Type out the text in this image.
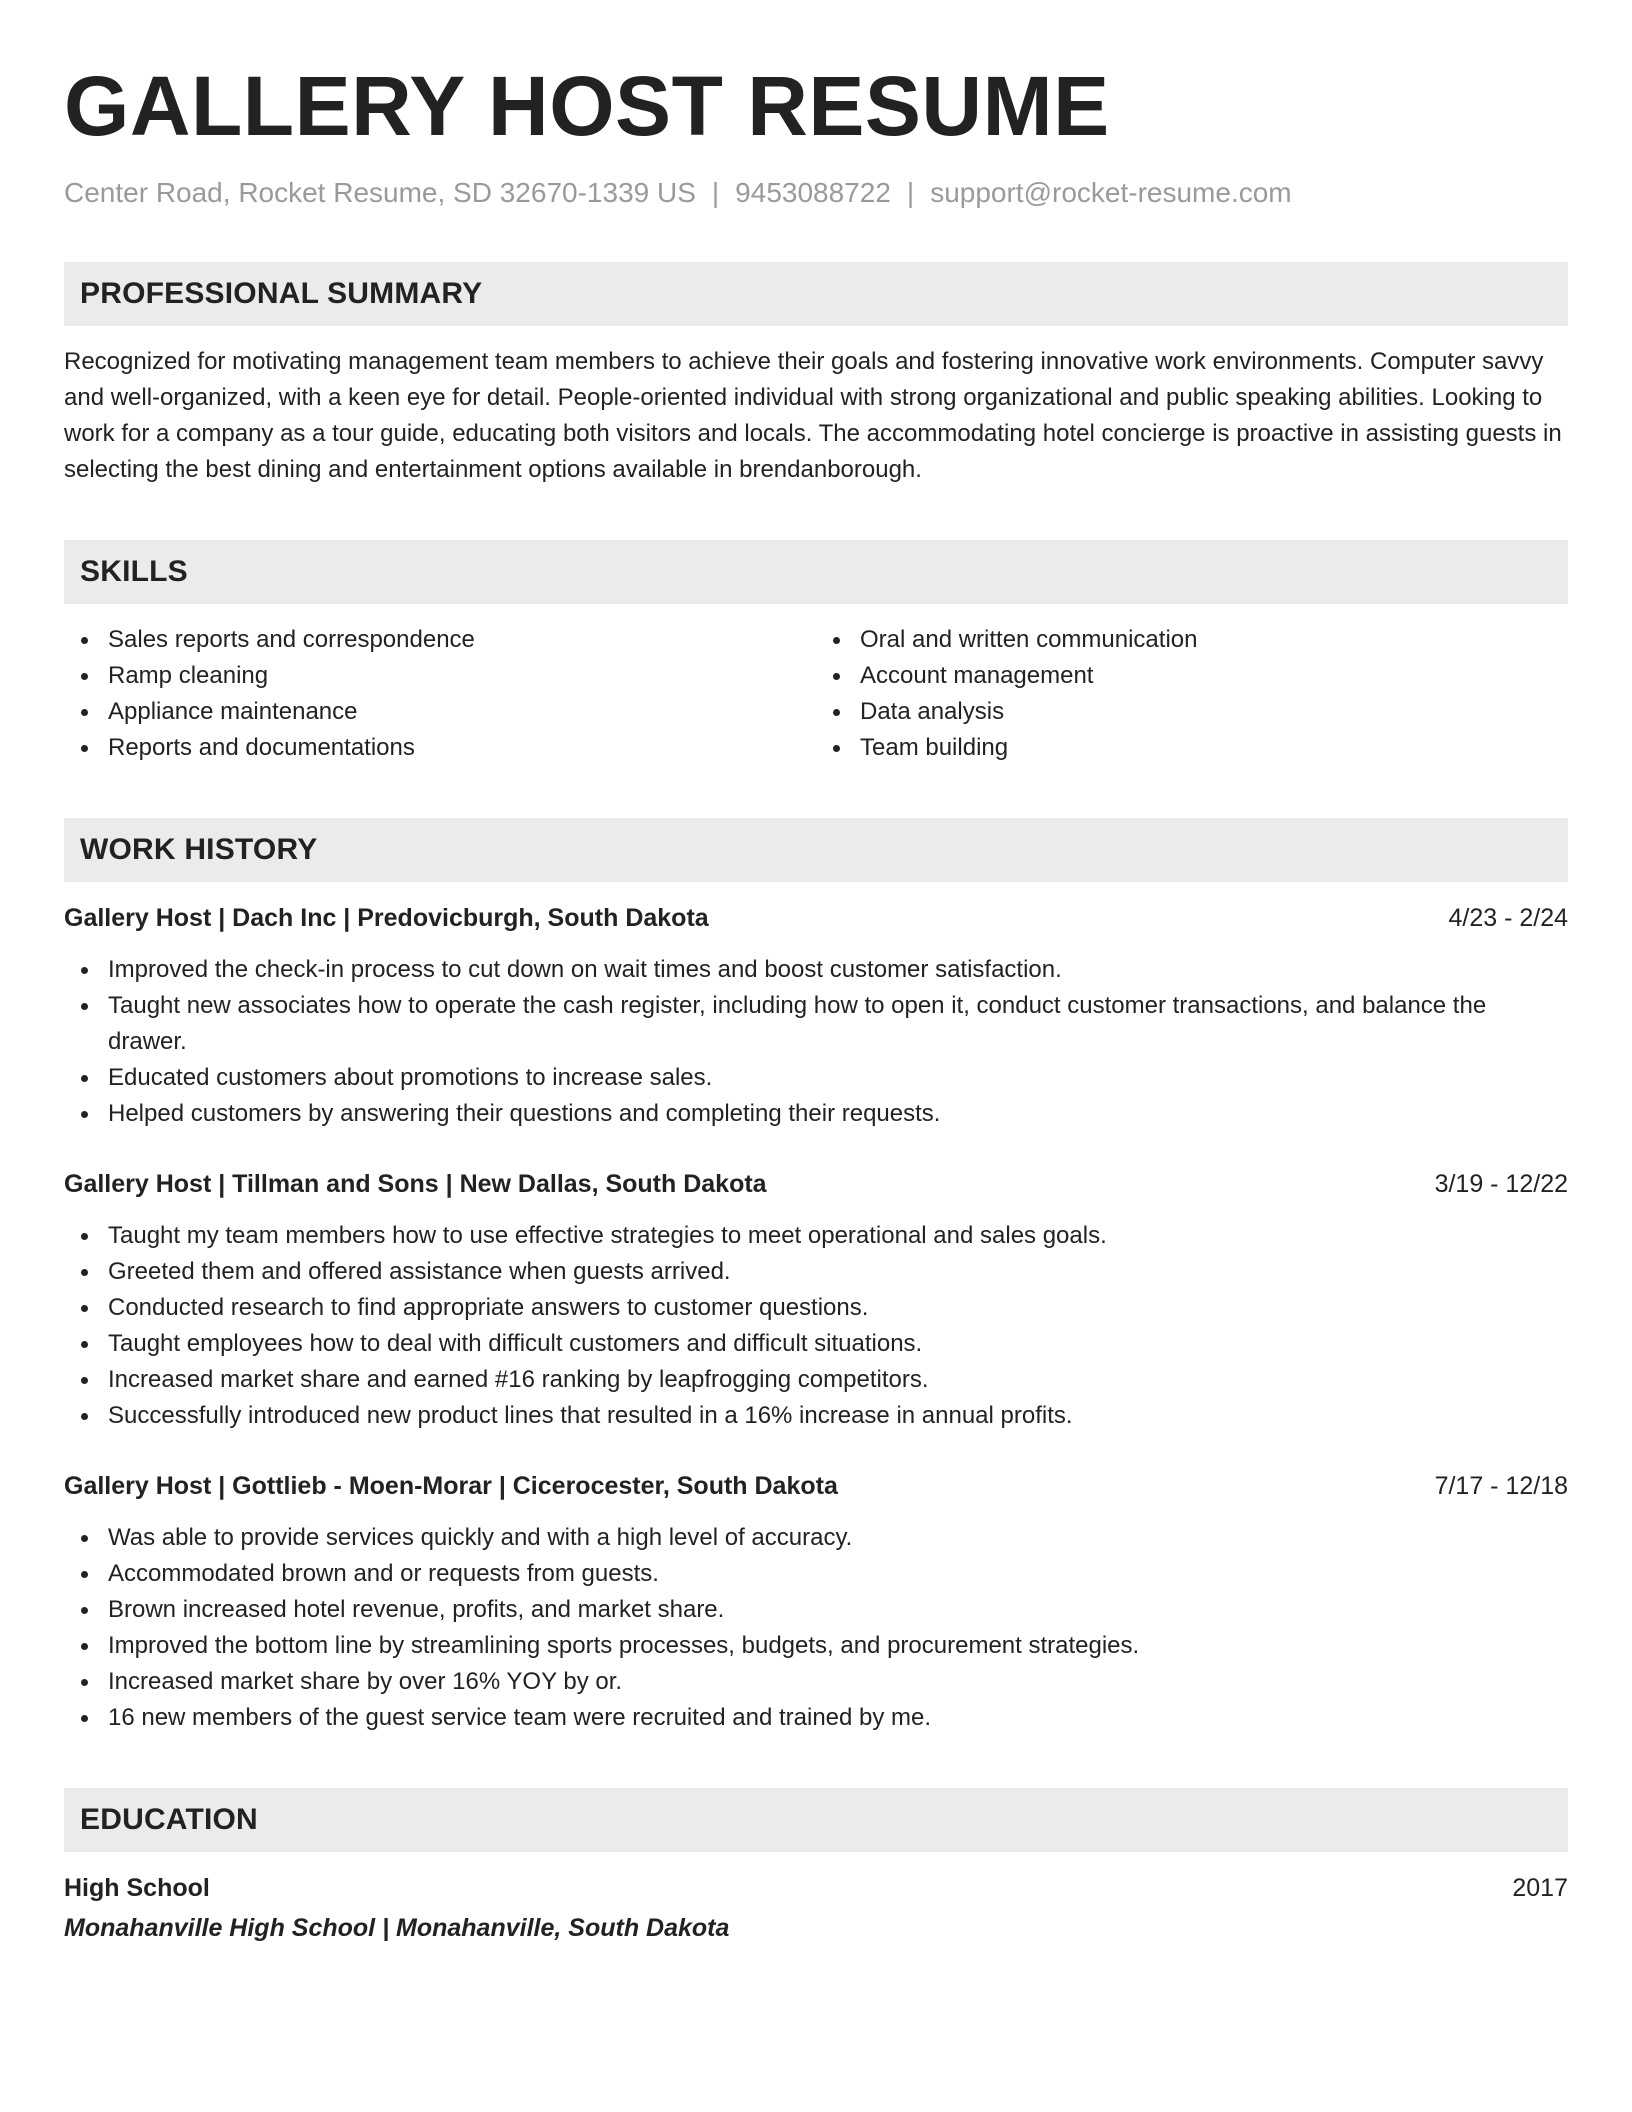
GALLERY HOST RESUME
Center Road, Rocket Resume, SD 32670-1339 US | 9453088722 | support@rocket-resume.com
PROFESSIONAL SUMMARY

Recognized for motivating management team members to achieve their goals and fostering innovative work environments. Computer savvy and well-organized, with a keen eye for detail. People-oriented individual with strong organizational and public speaking abilities. Looking to work for a company as a tour guide, educating both visitors and locals. The accommodating hotel concierge is proactive in assisting guests in selecting the best dining and entertainment options available in brendanborough.

SKILLS
Sales reports and correspondence
Ramp cleaning
Appliance maintenance
Reports and documentations
Oral and written communication
Account management
Data analysis
Team building
WORK HISTORY
Gallery Host | Dach Inc | Predovicburgh, South Dakota	4/23 - 2/24
Improved the check-in process to cut down on wait times and boost customer satisfaction.
Taught new associates how to operate the cash register, including how to open it, conduct customer transactions, and balance the drawer.
Educated customers about promotions to increase sales.
Helped customers by answering their questions and completing their requests.
Gallery Host | Tillman and Sons | New Dallas, South Dakota	3/19 - 12/22
Taught my team members how to use effective strategies to meet operational and sales goals.
Greeted them and offered assistance when guests arrived.
Conducted research to find appropriate answers to customer questions.
Taught employees how to deal with difficult customers and difficult situations.
Increased market share and earned #16 ranking by leapfrogging competitors.
Successfully introduced new product lines that resulted in a 16% increase in annual profits.
Gallery Host | Gottlieb - Moen-Morar | Cicerocester, South Dakota	7/17 - 12/18
Was able to provide services quickly and with a high level of accuracy.
Accommodated brown and or requests from guests.
Brown increased hotel revenue, profits, and market share.
Improved the bottom line by streamlining sports processes, budgets, and procurement strategies.
Increased market share by over 16% YOY by or.
16 new members of the guest service team were recruited and trained by me.
EDUCATION
High School	2017
Monahanville High School | Monahanville, South Dakota
